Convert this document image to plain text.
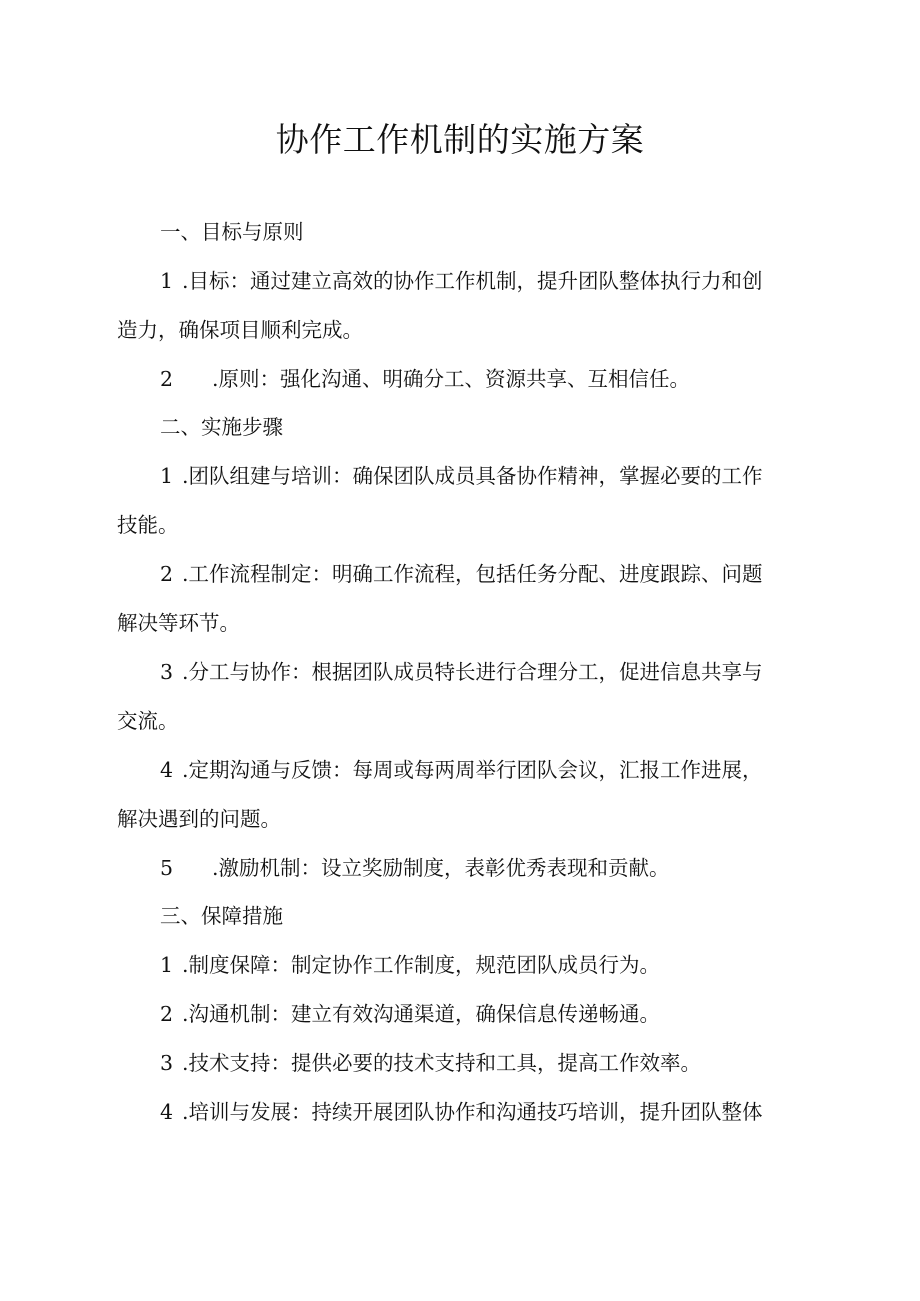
协作工作机制的实施方案

一、目标与原则

1 .目标：通过建立高效的协作工作机制，提升团队整体执行力和创

造力，确保项目顺利完成。

2 .原则：强化沟通、明确分工、资源共享、互相信任。

二、实施步骤

1 .团队组建与培训：确保团队成员具备协作精神，掌握必要的工作

技能。

2 .工作流程制定：明确工作流程，包括任务分配、进度跟踪、问题

解决等环节。

3 .分工与协作：根据团队成员特长进行合理分工，促进信息共享与

交流。

4 .定期沟通与反馈：每周或每两周举行团队会议，汇报工作进展，

解决遇到的问题。

5 .激励机制：设立奖励制度，表彰优秀表现和贡献。

三、保障措施

1 .制度保障：制定协作工作制度，规范团队成员行为。

2 .沟通机制：建立有效沟通渠道，确保信息传递畅通。

3 .技术支持：提供必要的技术支持和工具，提高工作效率。

4 .培训与发展：持续开展团队协作和沟通技巧培训，提升团队整体
